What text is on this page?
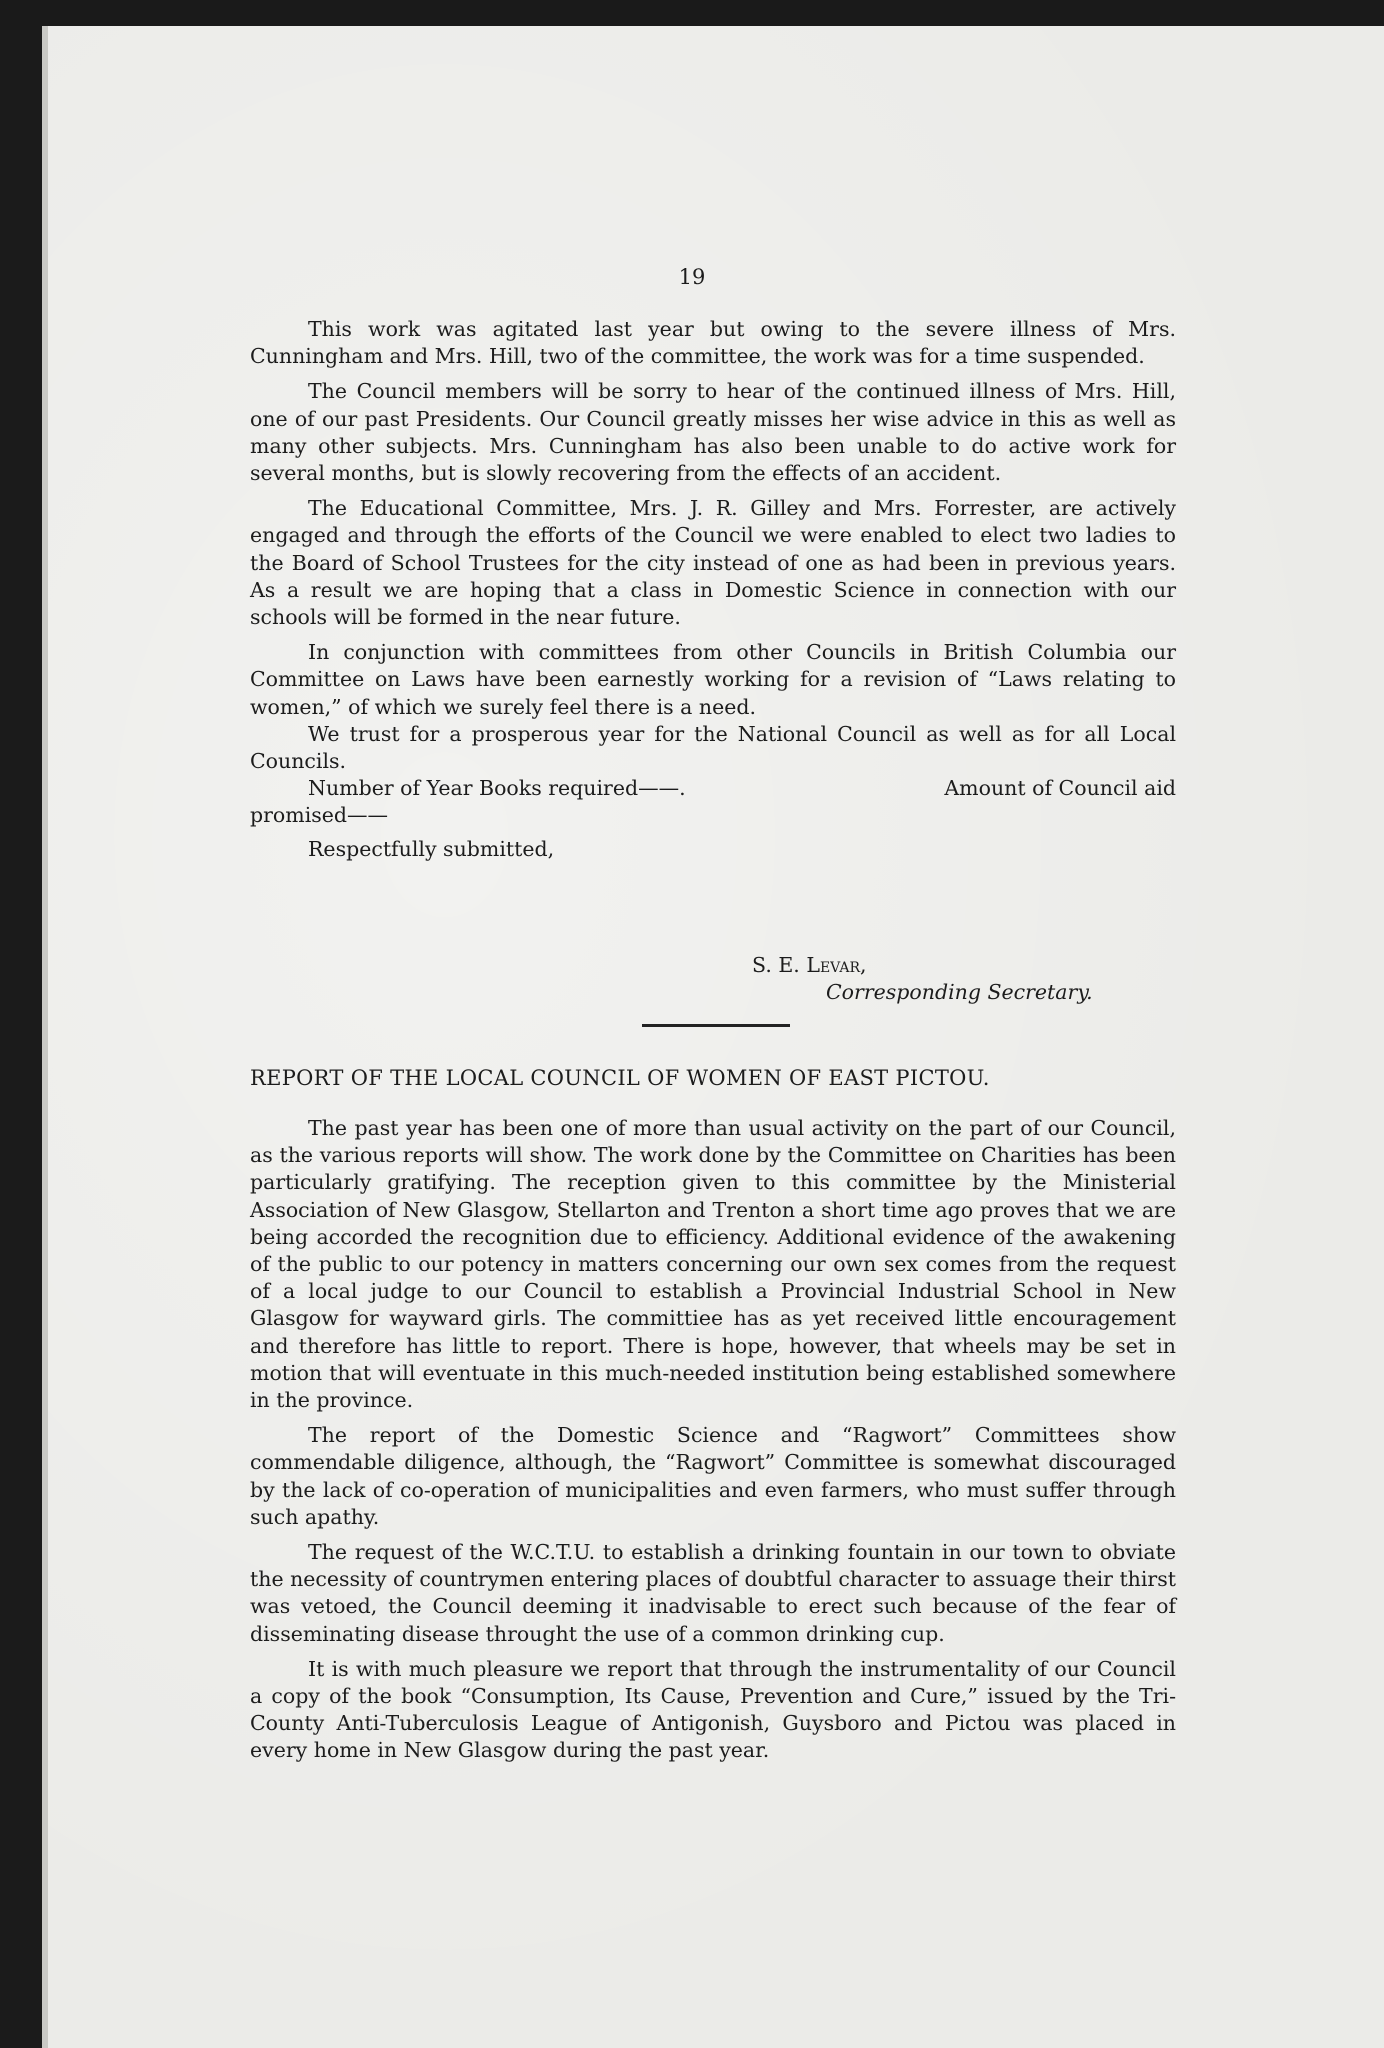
19

This work was agitated last year but owing to the severe illness of Mrs. Cunningham and Mrs. Hill, two of the committee, the work was for a time suspended.

The Council members will be sorry to hear of the continued illness of Mrs. Hill, one of our past Presidents. Our Council greatly misses her wise advice in this as well as many other subjects. Mrs. Cunningham has also been unable to do active work for several months, but is slowly recovering from the effects of an accident.

The Educational Committee, Mrs. J. R. Gilley and Mrs. Forrester, are actively engaged and through the efforts of the Council we were enabled to elect two ladies to the Board of School Trustees for the city instead of one as had been in previous years. As a result we are hoping that a class in Domestic Science in connection with our schools will be formed in the near future.

In conjunction with committees from other Councils in British Columbia our Committee on Laws have been earnestly working for a revision of “Laws relating to women,” of which we surely feel there is a need.

We trust for a prosperous year for the National Council as well as for all Local Councils.

Number of Year Books required——.	Amount of Council aid
promised——
Respectfully submitted,
S. E. Levar,
Corresponding Secretary.
REPORT OF THE LOCAL COUNCIL OF WOMEN OF EAST PICTOU.

The past year has been one of more than usual activity on the part of our Council, as the various reports will show. The work done by the Committee on Charities has been particularly gratifying. The reception given to this committee by the Ministerial Association of New Glasgow, Stellarton and Trenton a short time ago proves that we are being accorded the recognition due to efficiency. Additional evidence of the awakening of the public to our potency in matters concerning our own sex comes from the request of a local judge to our Council to establish a Provincial Industrial School in New Glasgow for wayward girls. The committiee has as yet received little encouragement and therefore has little to report. There is hope, however, that wheels may be set in motion that will eventuate in this much-needed institution being established somewhere in the province.

The report of the Domestic Science and “Ragwort” Committees show commendable diligence, although, the “Ragwort” Committee is somewhat discouraged by the lack of co-operation of municipalities and even farmers, who must suffer through such apathy.

The request of the W.C.T.U. to establish a drinking fountain in our town to obviate the necessity of countrymen entering places of doubtful character to assuage their thirst was vetoed, the Council deeming it inadvisable to erect such because of the fear of disseminating disease throught the use of a common drinking cup.

It is with much pleasure we report that through the instrumentality of our Council a copy of the book “Consumption, Its Cause, Prevention and Cure,” issued by the Tri-County Anti-Tuberculosis League of Antigonish, Guysboro and Pictou was placed in every home in New Glasgow during the past year.
